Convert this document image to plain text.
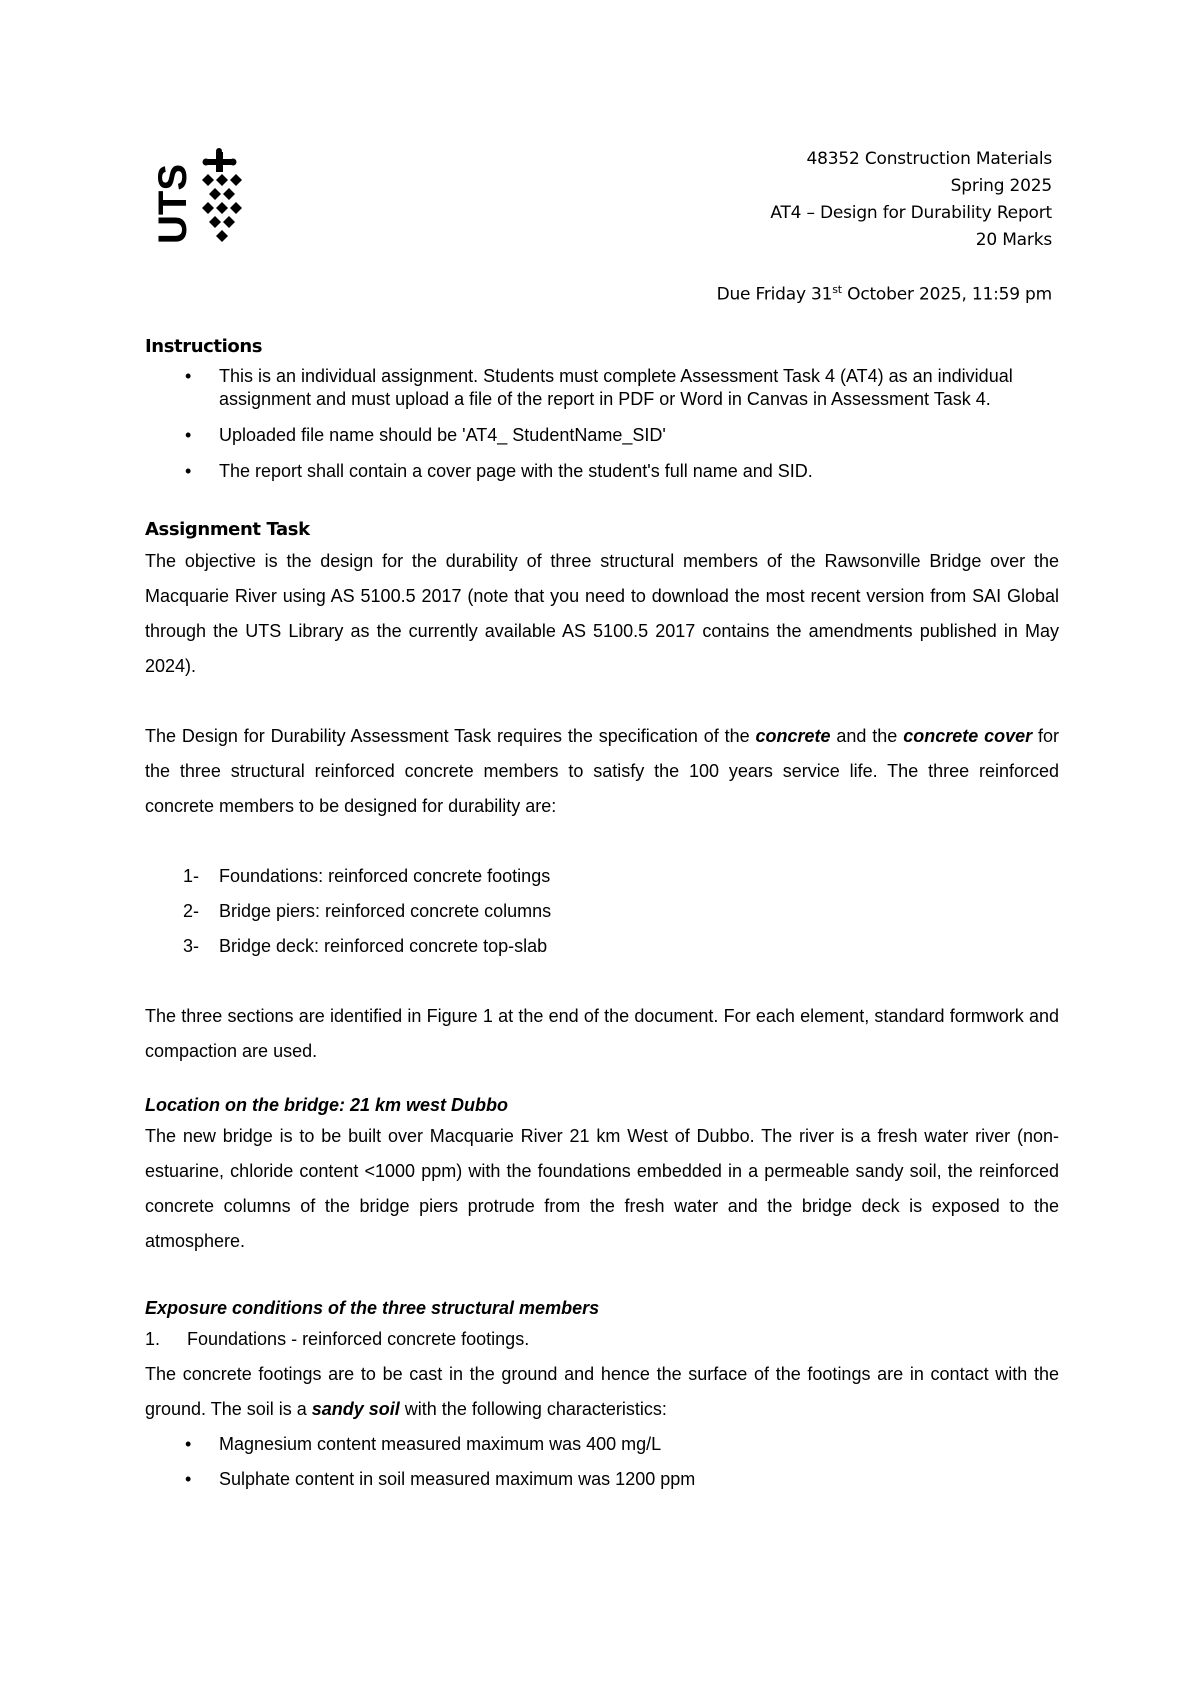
UTS
48352 Construction Materials
Spring 2025
AT4 – Design for Durability Report
20 Marks
Due Friday 31st October 2025, 11:59 pm

Instructions

• This is an individual assignment. Students must complete Assessment Task 4 (AT4) as an individual assignment and must upload a file of the report in PDF or Word in Canvas in Assessment Task 4.
• Uploaded file name should be 'AT4_ StudentName_SID'
• The report shall contain a cover page with the student's full name and SID.

Assignment Task

The objective is the design for the durability of three structural members of the Rawsonville Bridge over the Macquarie River using AS 5100.5 2017 (note that you need to download the most recent version from SAI Global through the UTS Library as the currently available AS 5100.5 2017 contains the amendments published in May 2024).

The Design for Durability Assessment Task requires the specification of the concrete and the concrete cover for the three structural reinforced concrete members to satisfy the 100 years service life. The three reinforced concrete members to be designed for durability are:

1- Foundations: reinforced concrete footings
2- Bridge piers: reinforced concrete columns
3- Bridge deck: reinforced concrete top-slab

The three sections are identified in Figure 1 at the end of the document. For each element, standard formwork and compaction are used.

Location on the bridge: 21 km west Dubbo

The new bridge is to be built over Macquarie River 21 km West of Dubbo. The river is a fresh water river (non-estuarine, chloride content <1000 ppm) with the foundations embedded in a permeable sandy soil, the reinforced concrete columns of the bridge piers protrude from the fresh water and the bridge deck is exposed to the atmosphere.

Exposure conditions of the three structural members

1. Foundations - reinforced concrete footings.

The concrete footings are to be cast in the ground and hence the surface of the footings are in contact with the ground. The soil is a sandy soil with the following characteristics:

• Magnesium content measured maximum was 400 mg/L
• Sulphate content in soil measured maximum was 1200 ppm
